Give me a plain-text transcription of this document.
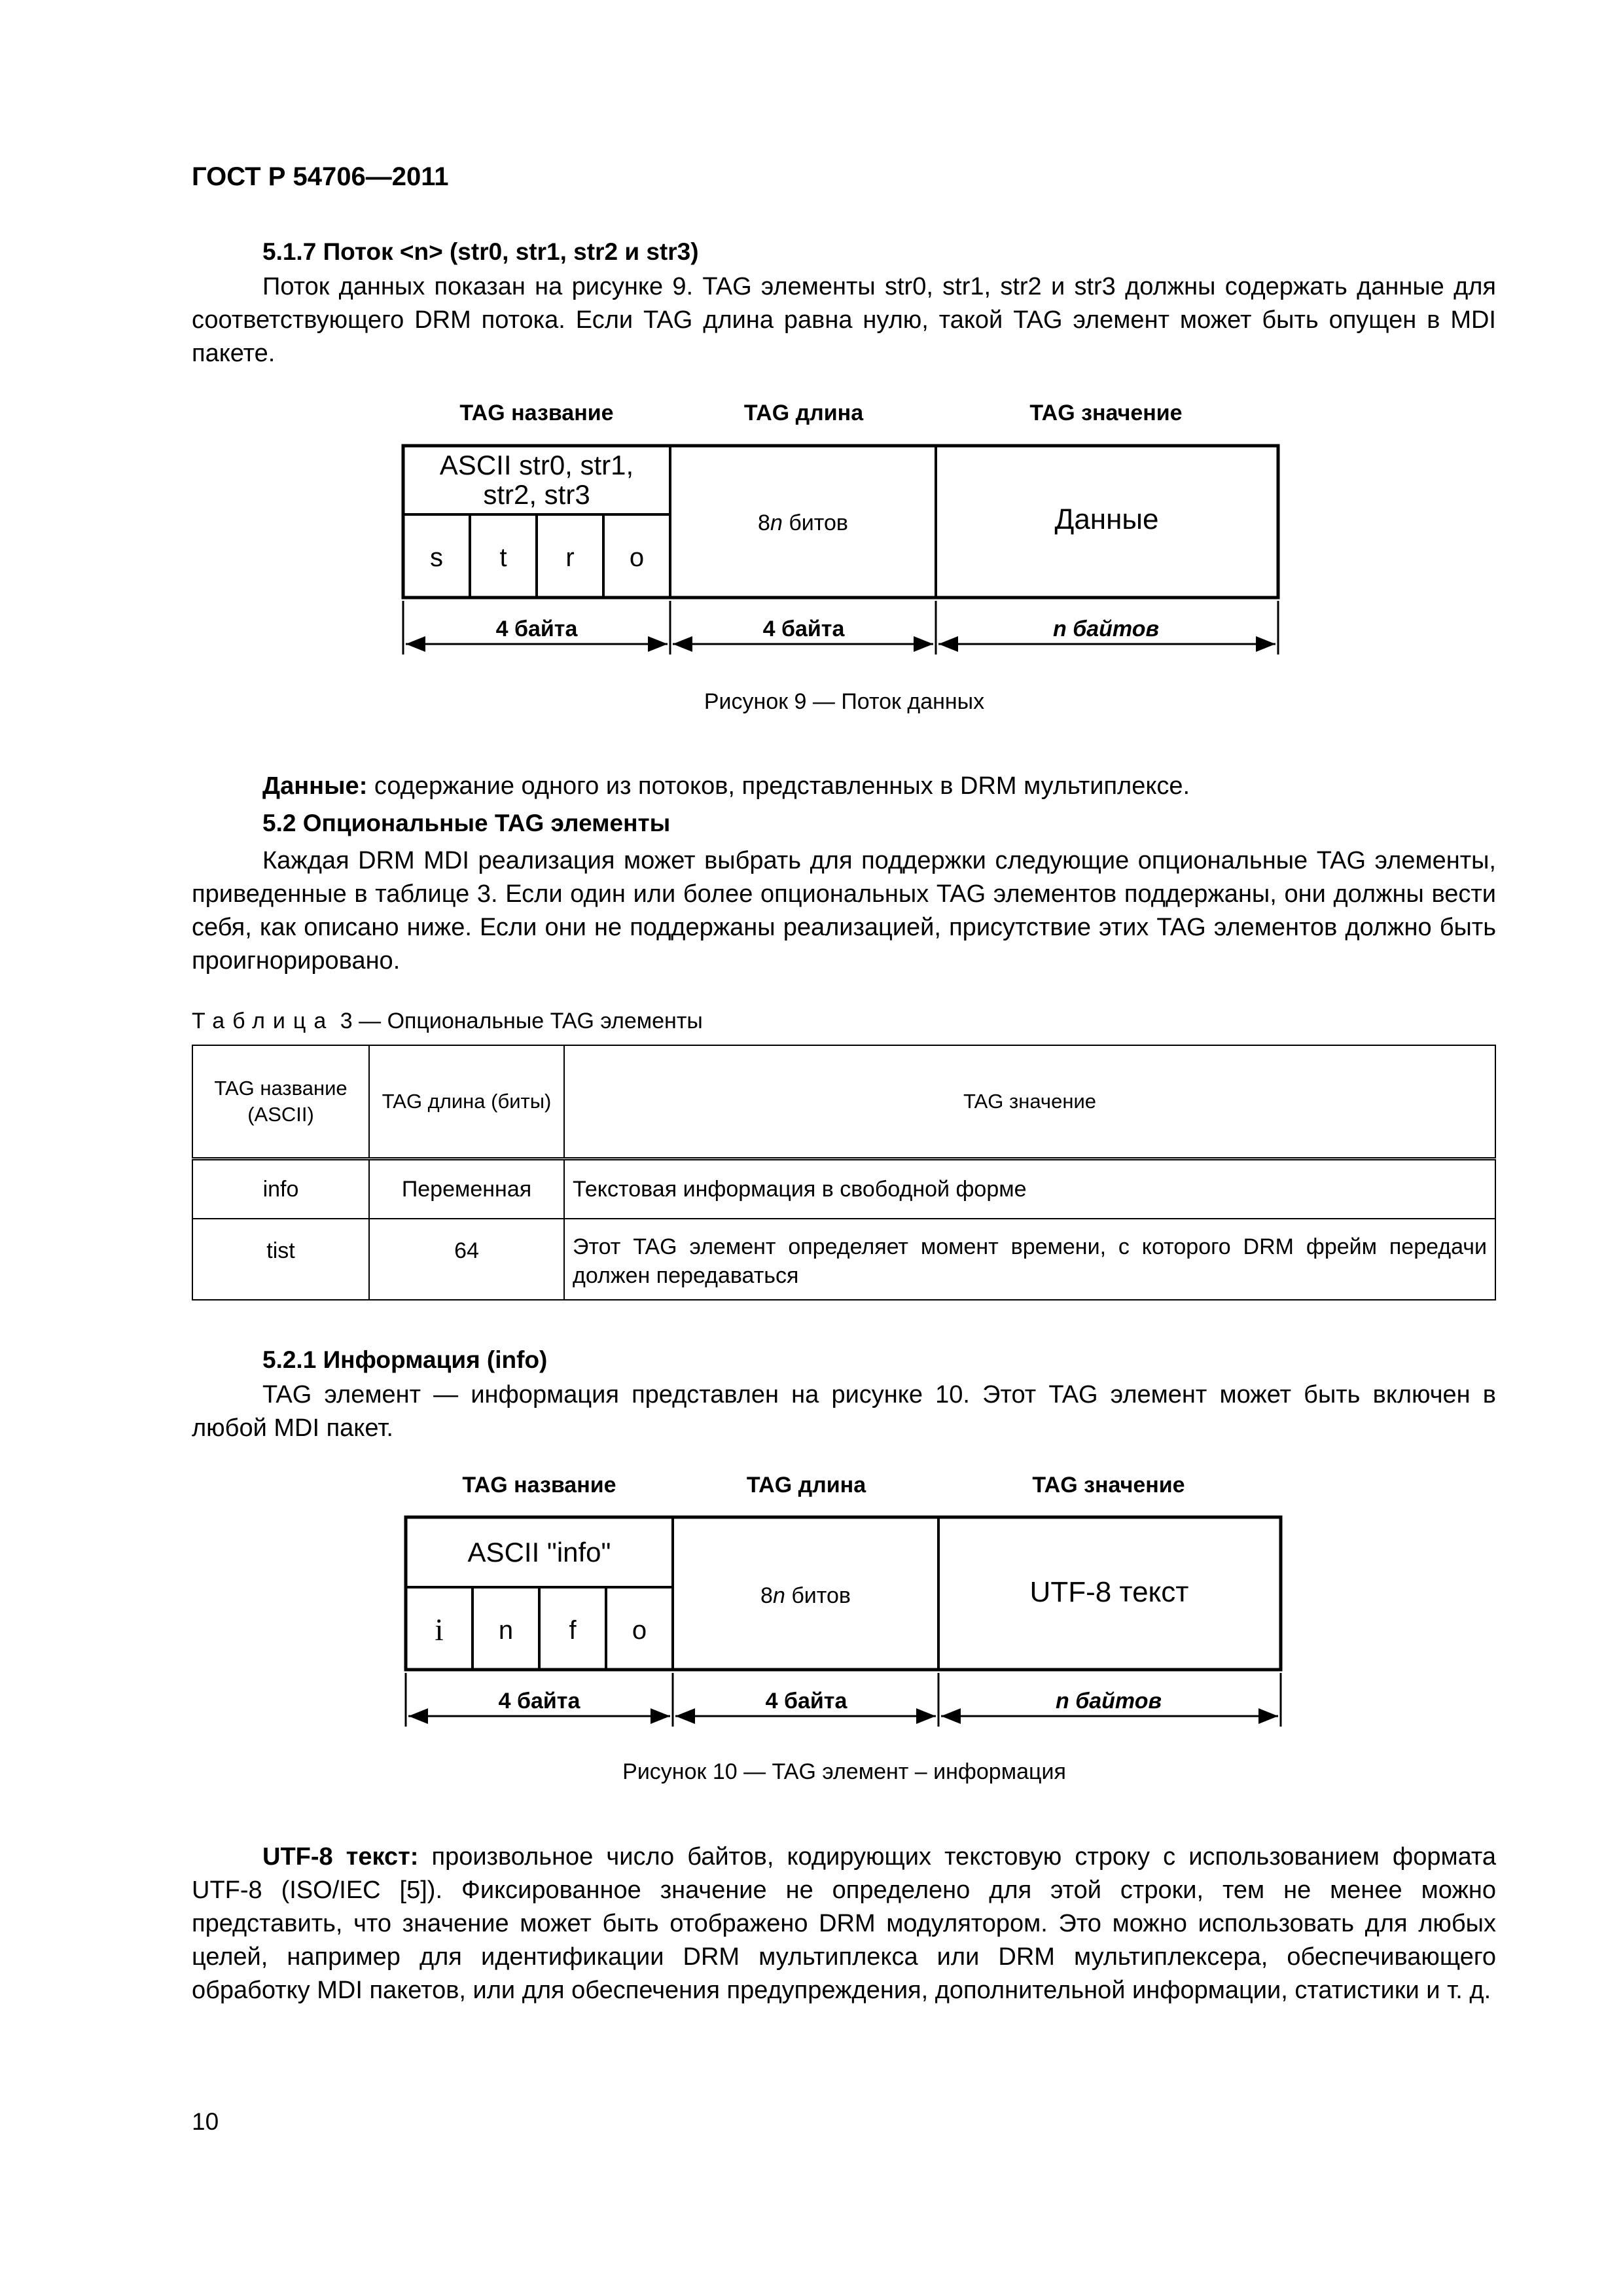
ГОСТ Р 54706—2011
5.1.7 Поток <n> (str0, str1, str2 и str3)
Поток данных показан на рисунке 9. TAG элементы str0, str1, str2 и str3 должны содержать данные для соответствующего DRM потока. Если TAG длина равна нулю, такой TAG элемент может быть опущен в MDI пакете.
TAG название	TAG длина	TAG значение
ASCII str0, str1,
str2, str3
s t r o
8n битов	Данные
4 байта	4 байта	n байтов
Рисунок 9 — Поток данных
Данные: содержание одного из потоков, представленных в DRM мультиплексе.
5.2 Опциональные TAG элементы
Каждая DRM MDI реализация может выбрать для поддержки следующие опциональные TAG элементы, приведенные в таблице 3. Если один или более опциональных TAG элементов поддержаны, они должны вести себя, как описано ниже. Если они не поддержаны реализацией, присутствие этих TAG элементов должно быть проигнорировано.
Таблица 3 — Опциональные TAG элементы
TAG название (ASCII)	TAG длина (биты)	TAG значение
info	Переменная	Текстовая информация в свободной форме
tist	64	Этот TAG элемент определяет момент времени, с которого DRM фрейм передачи должен передаваться
5.2.1 Информация (info)
TAG элемент — информация представлен на рисунке 10. Этот TAG элемент может быть включен в любой MDI пакет.
TAG название	TAG длина	TAG значение
ASCII "info"
i n f o
8n битов	UTF-8 текст
4 байта	4 байта	n байтов
Рисунок 10 — TAG элемент – информация
UTF-8 текст: произвольное число байтов, кодирующих текстовую строку с использованием формата UTF-8 (ISO/IEC [5]). Фиксированное значение не определено для этой строки, тем не менее можно представить, что значение может быть отображено DRM модулятором. Это можно использовать для любых целей, например для идентификации DRM мультиплекса или DRM мультиплексера, обеспечивающего обработку MDI пакетов, или для обеспечения предупреждения, дополнительной информации, статистики и т. д.
10
